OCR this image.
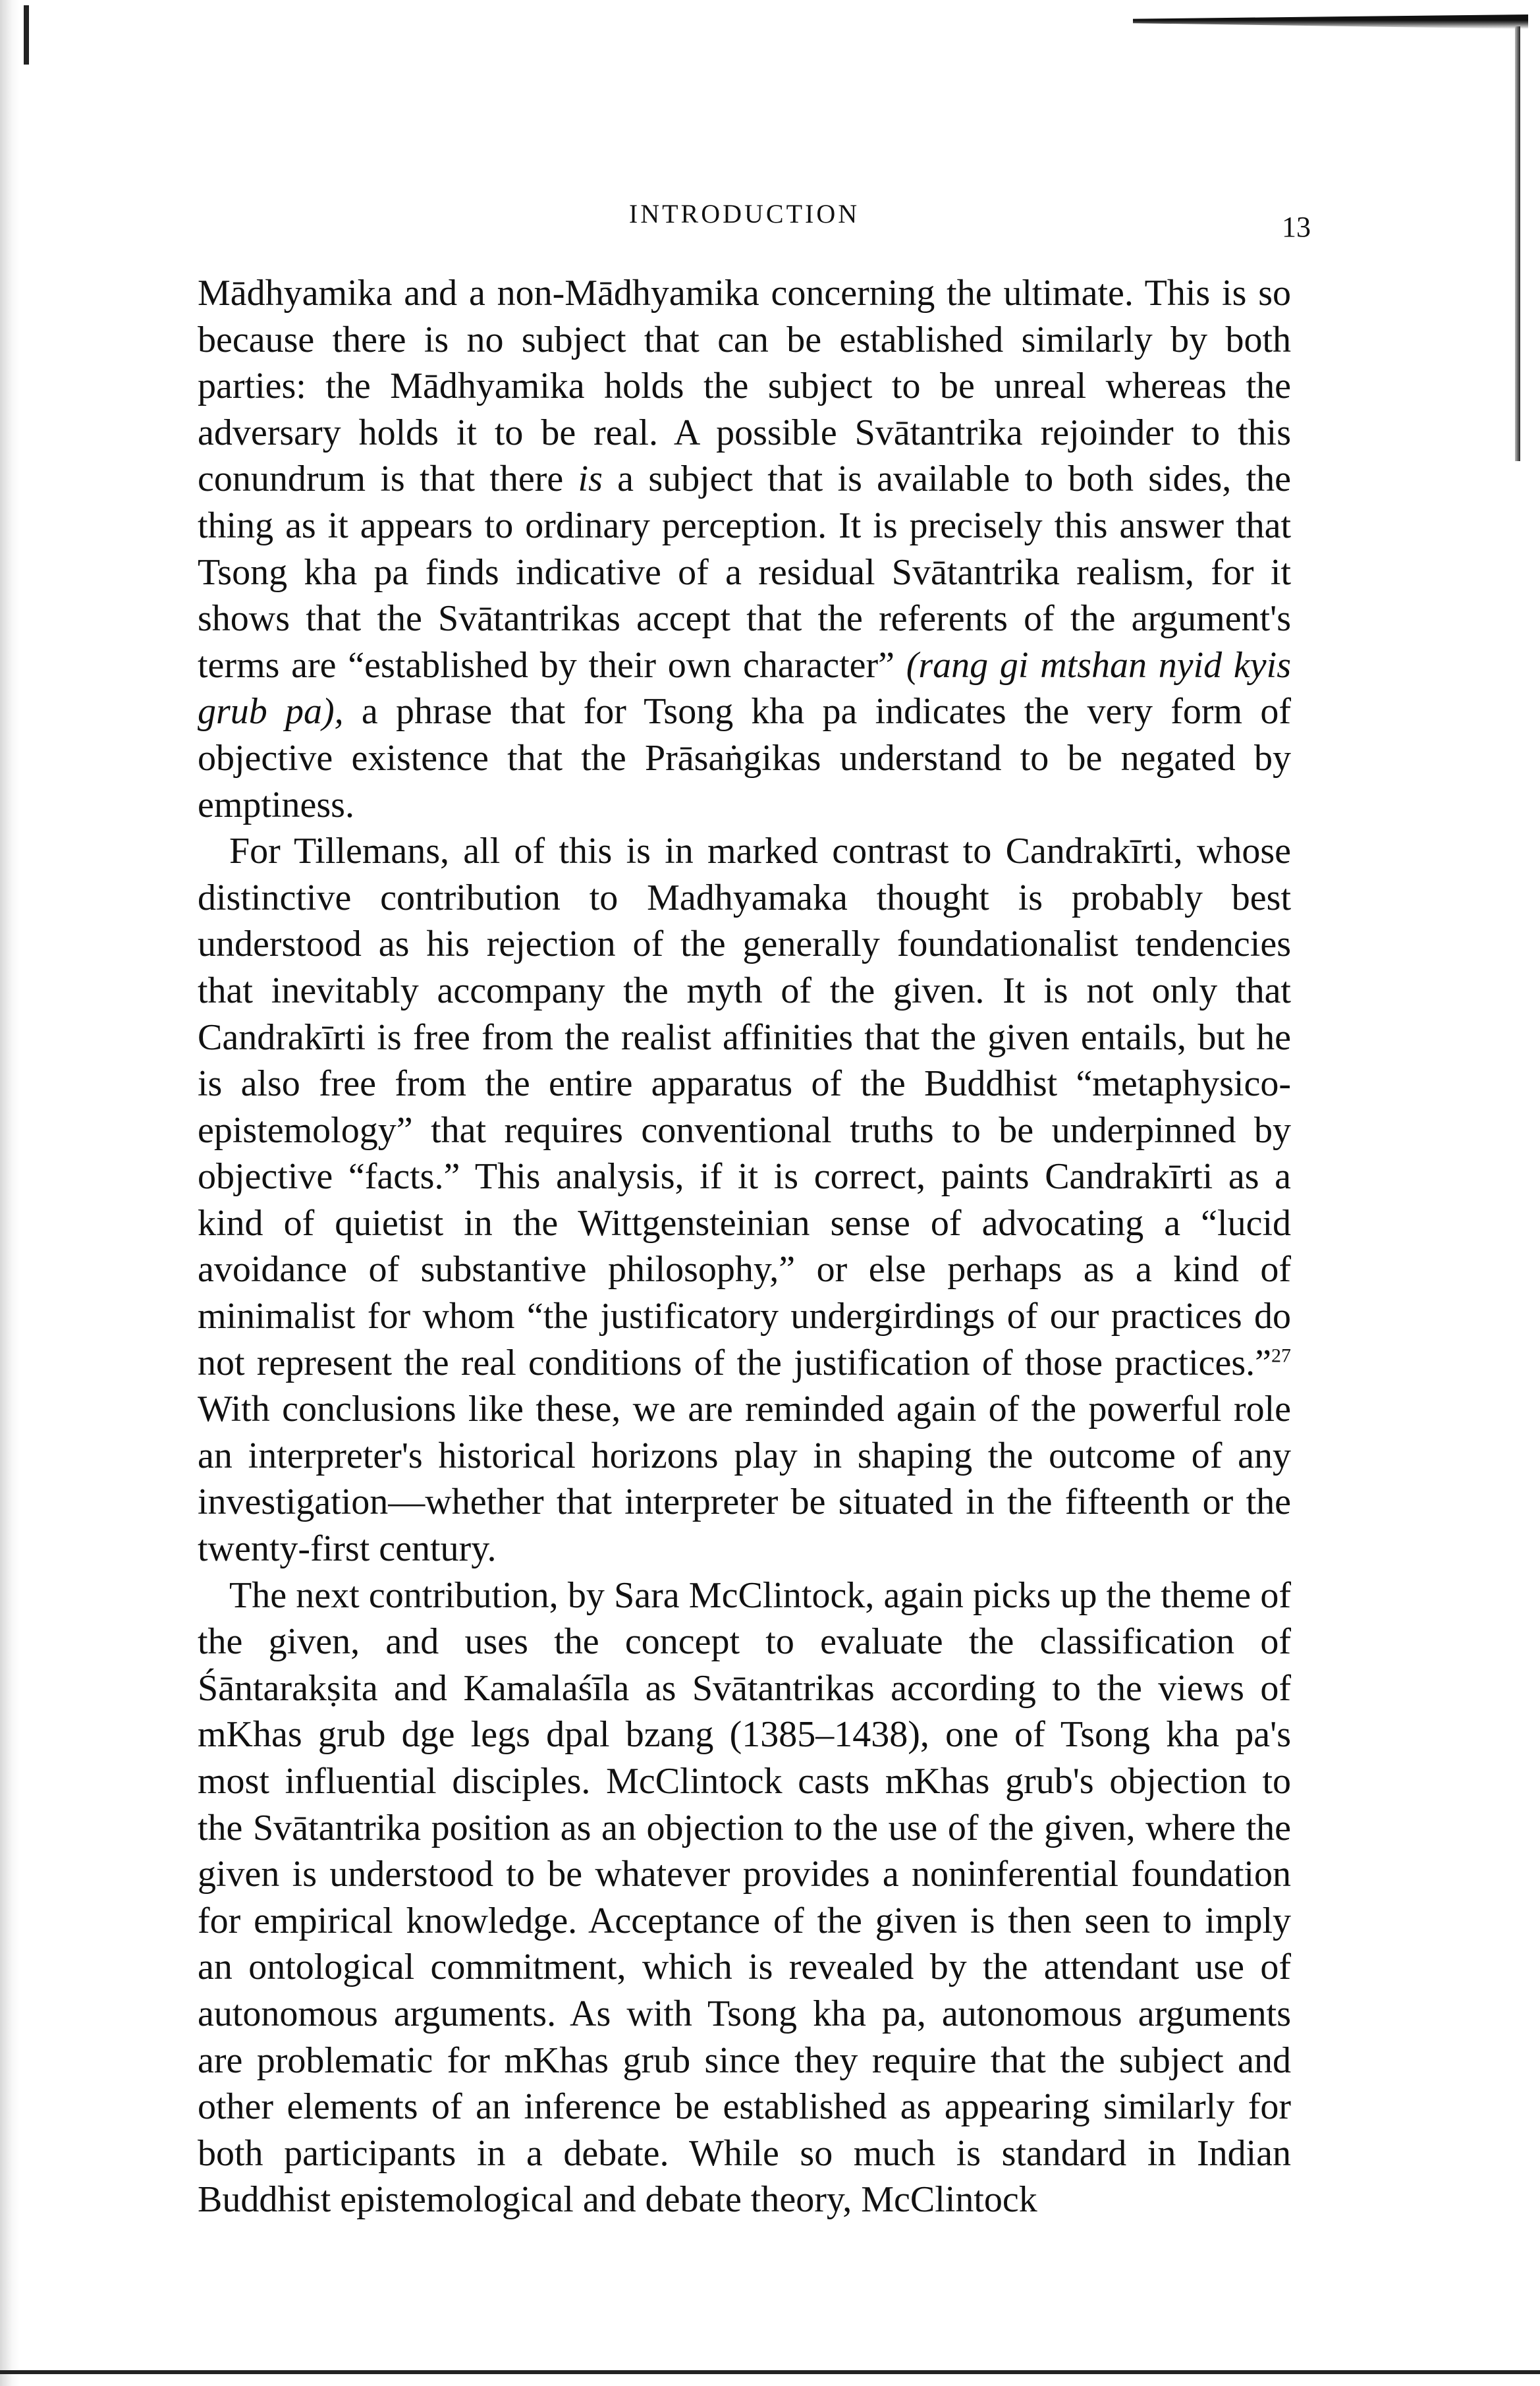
INTRODUCTION	13

Mādhyamika and a non-Mādhyamika concerning the ultimate. This is so because there is no subject that can be established similarly by both parties: the Mādhyamika holds the subject to be unreal whereas the adversary holds it to be real. A possible Svātantrika rejoinder to this conundrum is that there is a subject that is available to both sides, the thing as it appears to ordinary perception. It is precisely this answer that Tsong kha pa finds indicative of a residual Svātantrika realism, for it shows that the Svātantrikas accept that the referents of the argument's terms are “established by their own character” (rang gi mtshan nyid kyis grub pa), a phrase that for Tsong kha pa indicates the very form of objective existence that the Prāsaṅgikas understand to be negated by emptiness.

For Tillemans, all of this is in marked contrast to Candrakīrti, whose distinctive contribution to Madhyamaka thought is probably best understood as his rejection of the generally foundationalist tendencies that inevitably accompany the myth of the given. It is not only that Candrakīrti is free from the realist affinities that the given entails, but he is also free from the entire apparatus of the Buddhist “metaphysico-epistemology” that requires conventional truths to be underpinned by objective “facts.” This analysis, if it is correct, paints Candrakīrti as a kind of quietist in the Wittgensteinian sense of advocating a “lucid avoidance of substantive philosophy,” or else perhaps as a kind of minimalist for whom “the justificatory undergirdings of our practices do not represent the real conditions of the justification of those practices.”$^{27}$ With conclusions like these, we are reminded again of the powerful role an interpreter's historical horizons play in shaping the outcome of any investigation—whether that interpreter be situated in the fifteenth or the twenty-first century.

The next contribution, by Sara McClintock, again picks up the theme of the given, and uses the concept to evaluate the classification of Śāntarakṣita and Kamalaśīla as Svātantrikas according to the views of mKhas grub dge legs dpal bzang (1385–1438), one of Tsong kha pa's most influential disciples. McClintock casts mKhas grub's objection to the Svātantrika position as an objection to the use of the given, where the given is understood to be whatever provides a noninferential foundation for empirical knowledge. Acceptance of the given is then seen to imply an ontological commitment, which is revealed by the attendant use of autonomous arguments. As with Tsong kha pa, autonomous arguments are problematic for mKhas grub since they require that the subject and other elements of an inference be established as appearing similarly for both participants in a debate. While so much is standard in Indian Buddhist epistemological and debate theory, McClintock
